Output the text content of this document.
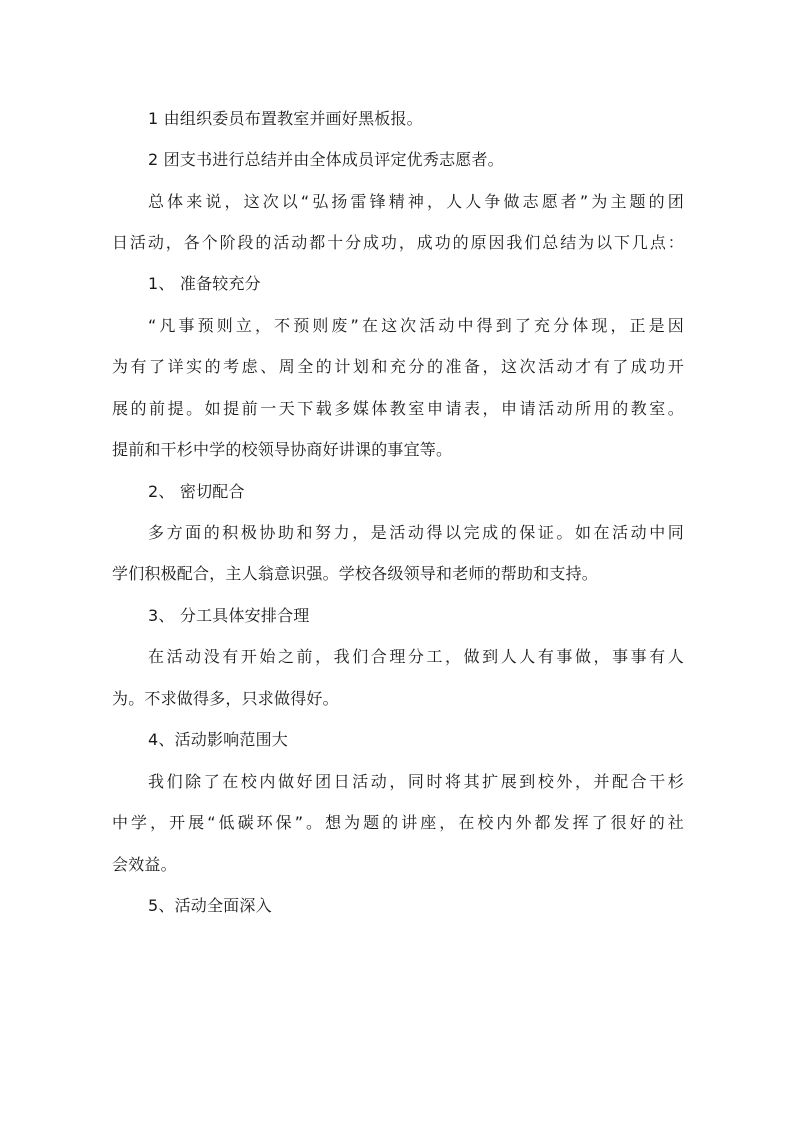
1 由组织委员布置教室并画好黑板报。
2 团支书进行总结并由全体成员评定优秀志愿者。
总体来说，这次以“弘扬雷锋精神，人人争做志愿者”为主题的团
日活动，各个阶段的活动都十分成功，成功的原因我们总结为以下几点：
1、 准备较充分
“凡事预则立，不预则废”在这次活动中得到了充分体现，正是因
为有了详实的考虑、周全的计划和充分的准备，这次活动才有了成功开
展的前提。如提前一天下载多媒体教室申请表，申请活动所用的教室。
提前和干杉中学的校领导协商好讲课的事宜等。
2、 密切配合
多方面的积极协助和努力，是活动得以完成的保证。如在活动中同
学们积极配合，主人翁意识强。学校各级领导和老师的帮助和支持。
3、 分工具体安排合理
在活动没有开始之前，我们合理分工，做到人人有事做，事事有人
为。不求做得多，只求做得好。
4、活动影响范围大
我们除了在校内做好团日活动，同时将其扩展到校外，并配合干杉
中学，开展“低碳环保”。想为题的讲座，在校内外都发挥了很好的社
会效益。
5、活动全面深入
